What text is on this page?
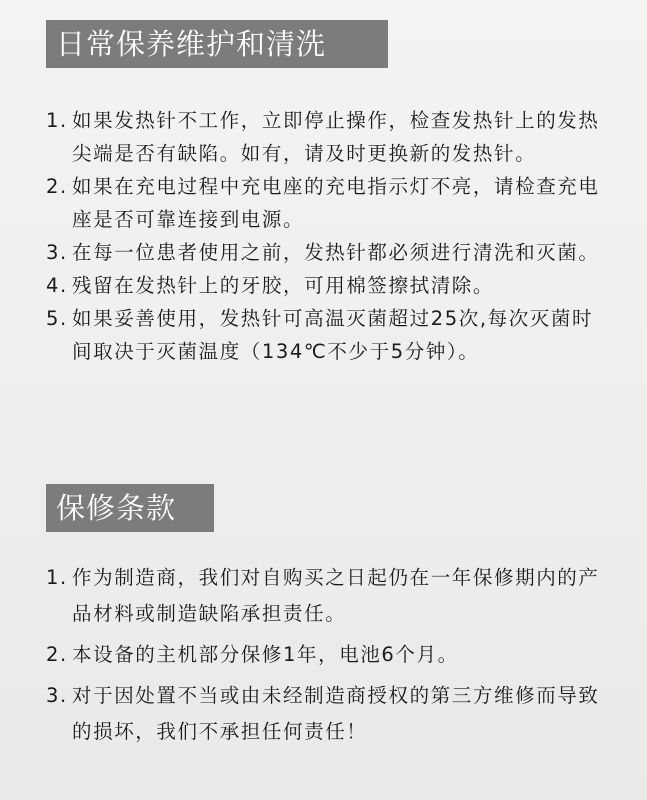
日常保养维护和清洗
1. 如果发热针不工作，立即停止操作，检查发热针上的发热尖端是否有缺陷。如有，请及时更换新的发热针。
2. 如果在充电过程中充电座的充电指示灯不亮，请检查充电座是否可靠连接到电源。
3. 在每一位患者使用之前，发热针都必须进行清洗和灭菌。
4. 残留在发热针上的牙胶，可用棉签擦拭清除。
5. 如果妥善使用，发热针可高温灭菌超过25次,每次灭菌时间取决于灭菌温度（134℃不少于5分钟）。
保修条款
1. 作为制造商，我们对自购买之日起仍在一年保修期内的产品材料或制造缺陷承担责任。
2. 本设备的主机部分保修1年，电池6个月。
3. 对于因处置不当或由未经制造商授权的第三方维修而导致的损坏，我们不承担任何责任！
